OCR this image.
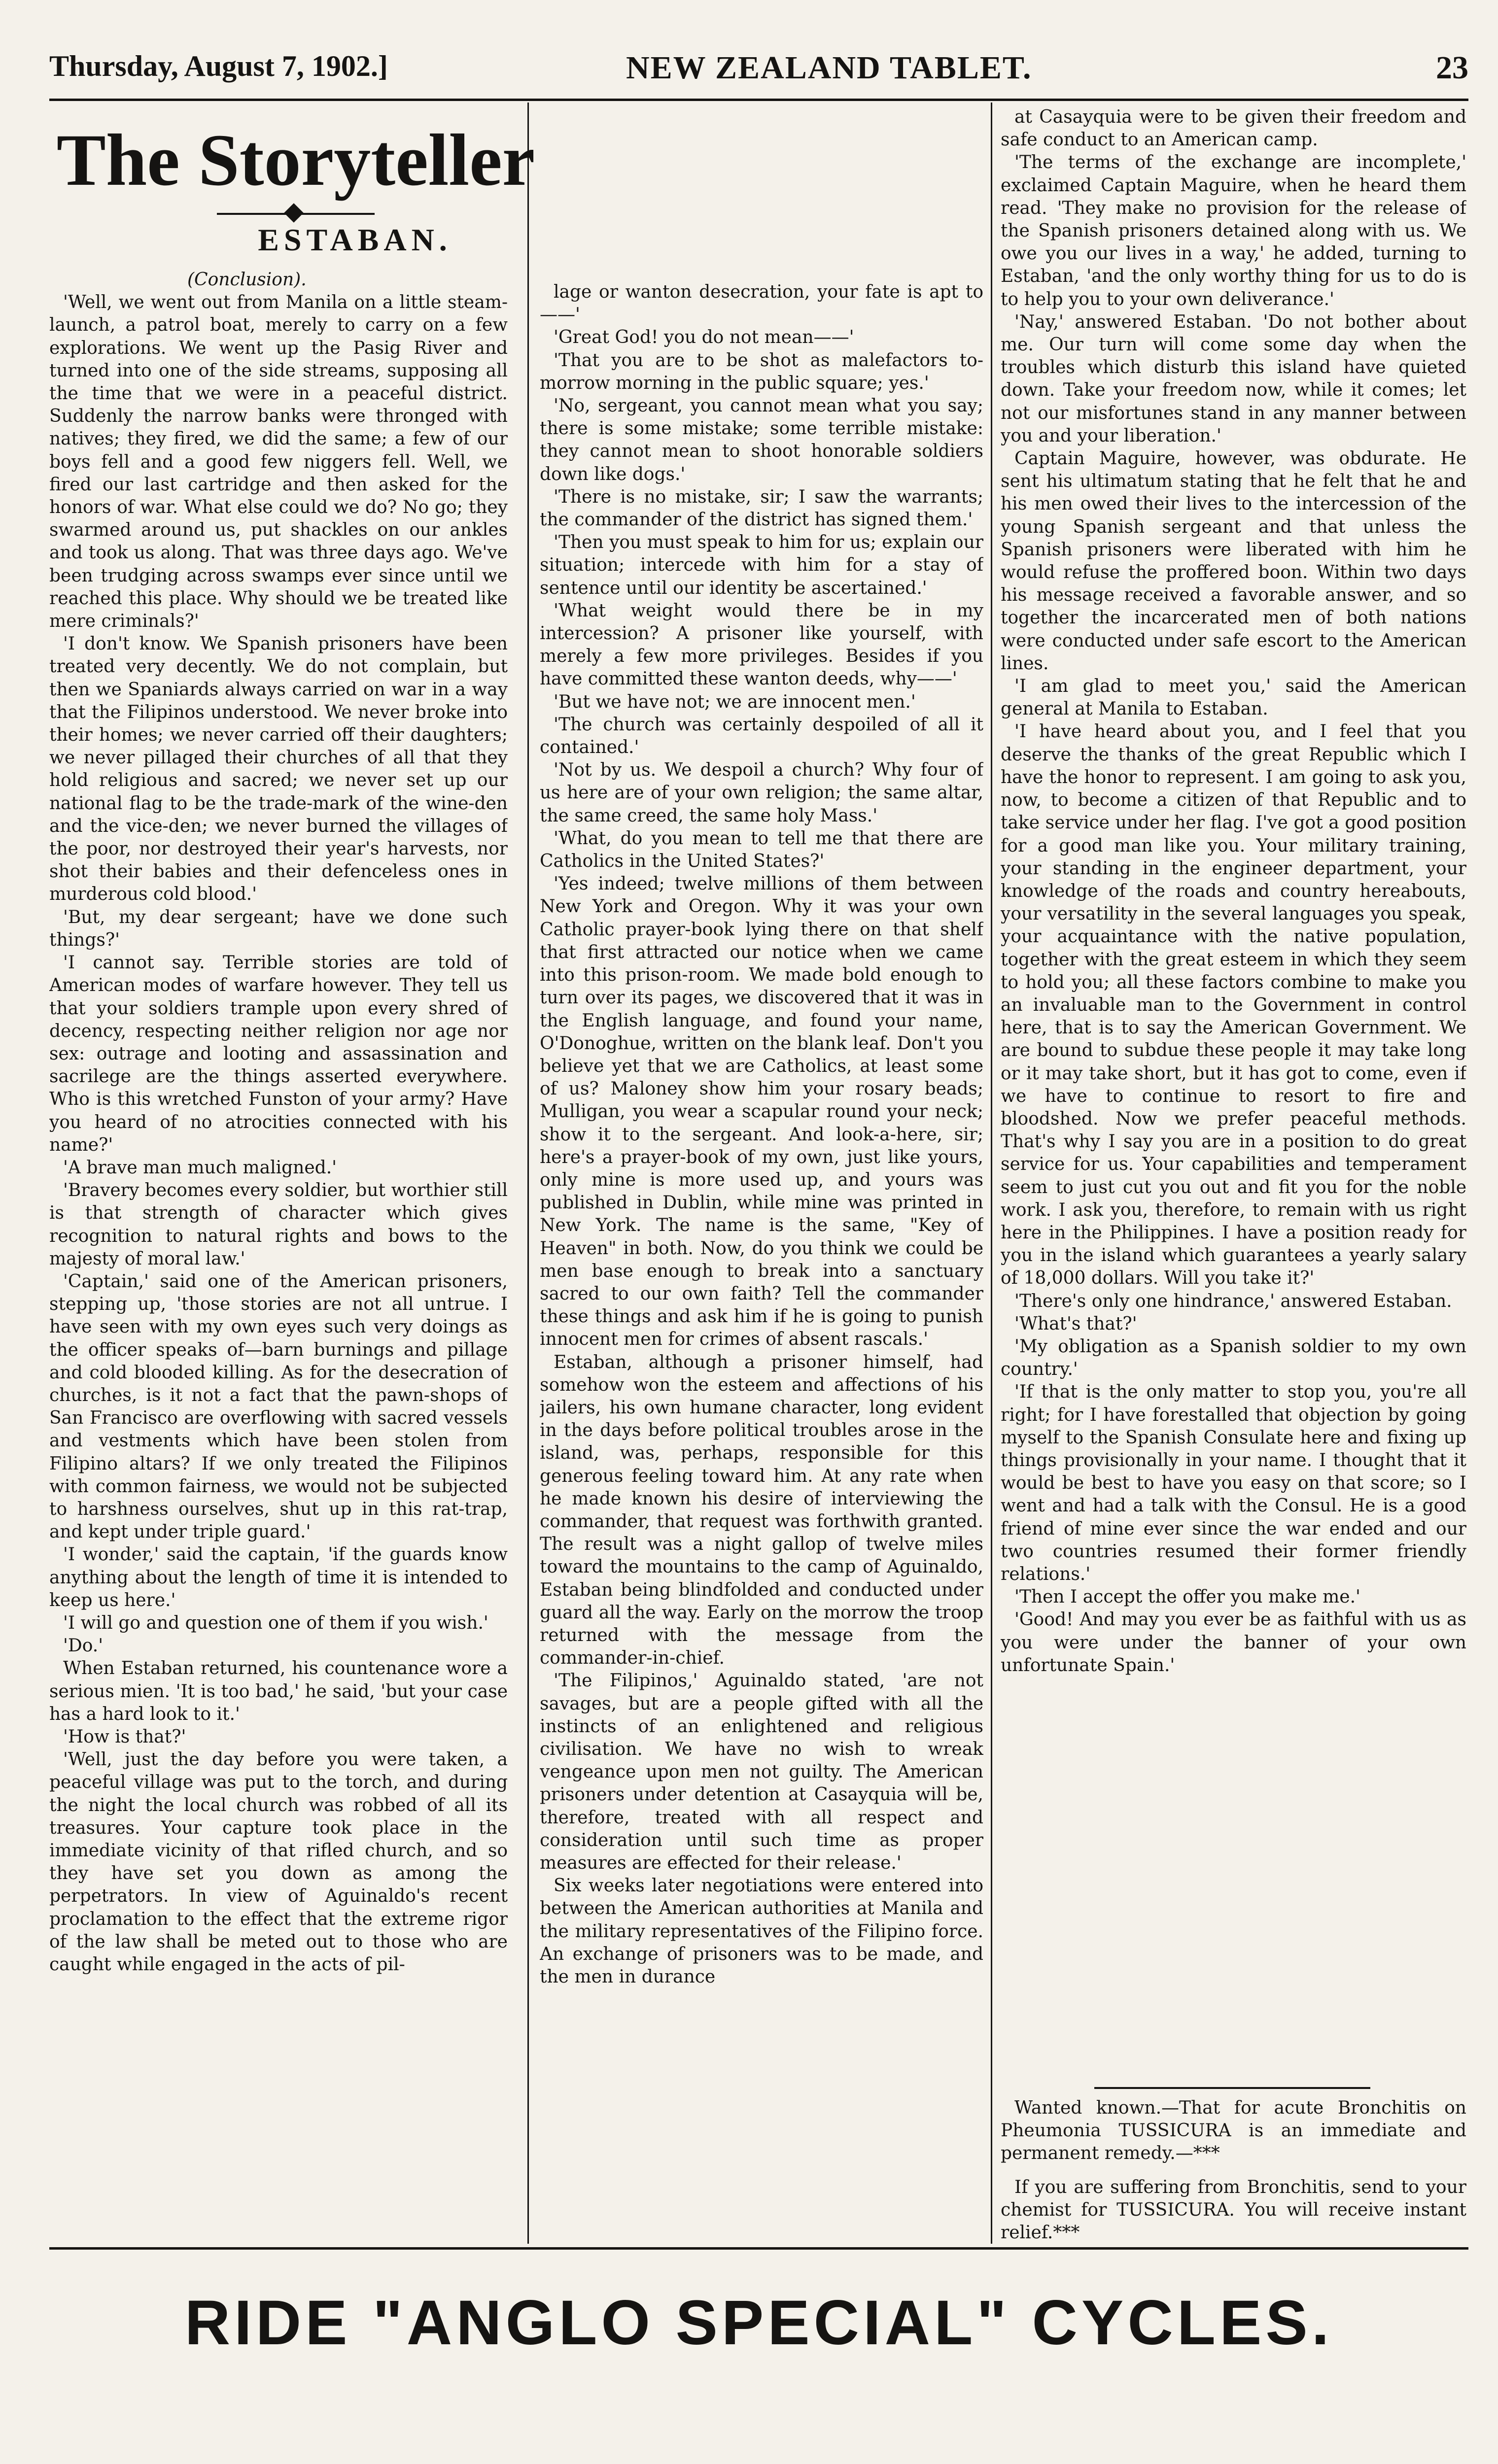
Thursday, August 7, 1902.]	NEW ZEALAND TABLET.	23
The Storyteller
ESTABAN.
(Conclusion).

'Well, we went out from Manila on a little steam-launch, a patrol boat, merely to carry on a few explorations. We went up the Pasig River and turned into one of the side streams, supposing all the time that we were in a peaceful district. Suddenly the narrow banks were thronged with natives; they fired, we did the same; a few of our boys fell and a good few niggers fell. Well, we fired our last cartridge and then asked for the honors of war. What else could we do? No go; they swarmed around us, put shackles on our ankles and took us along. That was three days ago. We've been trudging across swamps ever since until we reached this place. Why should we be treated like mere criminals?'

'I don't know. We Spanish prisoners have been treated very decently. We do not complain, but then we Spaniards always carried on war in a way that the Filipinos understood. We never broke into their homes; we never carried off their daughters; we never pillaged their churches of all that they hold religious and sacred; we never set up our national flag to be the trade-mark of the wine-den and the vice-den; we never burned the villages of the poor, nor destroyed their year's harvests, nor shot their babies and their defenceless ones in murderous cold blood.'

'But, my dear sergeant; have we done such things?'

'I cannot say. Terrible stories are told of American modes of warfare however. They tell us that your soldiers trample upon every shred of decency, respecting neither religion nor age nor sex: outrage and looting and assassination and sacrilege are the things asserted everywhere. Who is this wretched Funston of your army? Have you heard of no atrocities connected with his name?'

'A brave man much maligned.'

'Bravery becomes every soldier, but worthier still is that strength of character which gives recognition to natural rights and bows to the majesty of moral law.'

'Captain,' said one of the American prisoners, stepping up, 'those stories are not all untrue. I have seen with my own eyes such very doings as the officer speaks of—barn burnings and pillage and cold blooded killing. As for the desecration of churches, is it not a fact that the pawn-shops of San Francisco are overflowing with sacred vessels and vestments which have been stolen from Filipino altars? If we only treated the Filipinos with common fairness, we would not be subjected to harshness ourselves, shut up in this rat-trap, and kept under triple guard.'

'I wonder,' said the captain, 'if the guards know anything about the length of time it is intended to keep us here.'

'I will go and question one of them if you wish.'

'Do.'

When Estaban returned, his countenance wore a serious mien. 'It is too bad,' he said, 'but your case has a hard look to it.'

'How is that?'

'Well, just the day before you were taken, a peaceful village was put to the torch, and during the night the local church was robbed of all its treasures. Your capture took place in the immediate vicinity of that rifled church, and so they have set you down as among the perpetrators. In view of Aguinaldo's recent proclamation to the effect that the extreme rigor of the law shall be meted out to those who are caught while engaged in the acts of pil-

lage or wanton desecration, your fate is apt to——'

'Great God! you do not mean——'

'That you are to be shot as malefactors to-morrow morning in the public square; yes.'

'No, sergeant, you cannot mean what you say; there is some mistake; some terrible mistake: they cannot mean to shoot honorable soldiers down like dogs.'

'There is no mistake, sir; I saw the warrants; the commander of the district has signed them.'

'Then you must speak to him for us; explain our situation; intercede with him for a stay of sentence until our identity be ascertained.'

'What weight would there be in my intercession? A prisoner like yourself, with merely a few more privileges. Besides if you have committed these wanton deeds, why——'

'But we have not; we are innocent men.'

'The church was certainly despoiled of all it contained.'

'Not by us. We despoil a church? Why four of us here are of your own religion; the same altar, the same creed, the same holy Mass.'

'What, do you mean to tell me that there are Catholics in the United States?'

'Yes indeed; twelve millions of them between New York and Oregon. Why it was your own Catholic prayer-book lying there on that shelf that first attracted our notice when we came into this prison-room. We made bold enough to turn over its pages, we discovered that it was in the English language, and found your name, O'Donoghue, written on the blank leaf. Don't you believe yet that we are Catholics, at least some of us? Maloney show him your rosary beads; Mulligan, you wear a scapular round your neck; show it to the sergeant. And look-a-here, sir; here's a prayer-book of my own, just like yours, only mine is more used up, and yours was published in Dublin, while mine was printed in New York. The name is the same, "Key of Heaven" in both. Now, do you think we could be men base enough to break into a sanctuary sacred to our own faith? Tell the commander these things and ask him if he is going to punish innocent men for crimes of absent rascals.'

Estaban, although a prisoner himself, had somehow won the esteem and affections of his jailers, his own humane character, long evident in the days before political troubles arose in the island, was, perhaps, responsible for this generous feeling toward him. At any rate when he made known his desire of interviewing the commander, that request was forthwith granted. The result was a night gallop of twelve miles toward the mountains to the camp of Aguinaldo, Estaban being blindfolded and conducted under guard all the way. Early on the morrow the troop returned with the message from the commander-in-chief.

'The Filipinos,' Aguinaldo stated, 'are not savages, but are a people gifted with all the instincts of an enlightened and religious civilisation. We have no wish to wreak vengeance upon men not guilty. The American prisoners under detention at Casayquia will be, therefore, treated with all respect and consideration until such time as proper measures are effected for their release.'

Six weeks later negotiations were entered into between the American authorities at Manila and the military representatives of the Filipino force. An exchange of prisoners was to be made, and the men in durance

at Casayquia were to be given their freedom and safe conduct to an American camp.

'The terms of the exchange are incomplete,' exclaimed Captain Maguire, when he heard them read. 'They make no provision for the release of the Spanish prisoners detained along with us. We owe you our lives in a way,' he added, turning to Estaban, 'and the only worthy thing for us to do is to help you to your own deliverance.'

'Nay,' answered Estaban. 'Do not bother about me. Our turn will come some day when the troubles which disturb this island have quieted down. Take your freedom now, while it comes; let not our misfortunes stand in any manner between you and your liberation.'

Captain Maguire, however, was obdurate. He sent his ultimatum stating that he felt that he and his men owed their lives to the intercession of the young Spanish sergeant and that unless the Spanish prisoners were liberated with him he would refuse the proffered boon. Within two days his message received a favorable answer, and so together the incarcerated men of both nations were conducted under safe escort to the American lines.

'I am glad to meet you,' said the American general at Manila to Estaban.

'I have heard about you, and I feel that you deserve the thanks of the great Republic which I have the honor to represent. I am going to ask you, now, to become a citizen of that Republic and to take service under her flag. I've got a good position for a good man like you. Your military training, your standing in the engineer department, your knowledge of the roads and country hereabouts, your versatility in the several languages you speak, your acquaintance with the native population, together with the great esteem in which they seem to hold you; all these factors combine to make you an invaluable man to the Government in control here, that is to say the American Government. We are bound to subdue these people it may take long or it may take short, but it has got to come, even if we have to continue to resort to fire and bloodshed. Now we prefer peaceful methods. That's why I say you are in a position to do great service for us. Your capabilities and temperament seem to just cut you out and fit you for the noble work. I ask you, therefore, to remain with us right here in the Philippines. I have a position ready for you in the island which guarantees a yearly salary of 18,000 dollars. Will you take it?'

'There's only one hindrance,' answered Estaban.

'What's that?'

'My obligation as a Spanish soldier to my own country.'

'If that is the only matter to stop you, you're all right; for I have forestalled that objection by going myself to the Spanish Consulate here and fixing up things provisionally in your name. I thought that it would be best to have you easy on that score; so I went and had a talk with the Consul. He is a good friend of mine ever since the war ended and our two countries resumed their former friendly relations.'

'Then I accept the offer you make me.'

'Good! And may you ever be as faithful with us as you were under the banner of your own unfortunate Spain.'

Wanted known.—That for acute Bronchitis on Pheumonia TUSSICURA is an immediate and permanent remedy.—***

If you are suffering from Bronchitis, send to your chemist for TUSSICURA. You will receive instant relief.***

RIDE "ANGLO SPECIAL" CYCLES.
